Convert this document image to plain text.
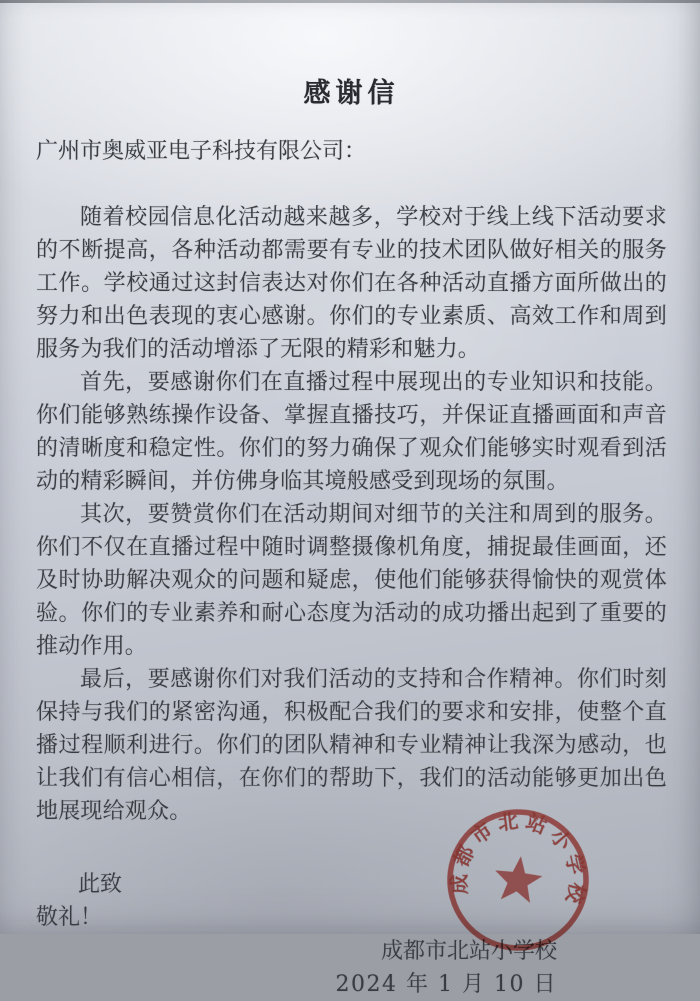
感谢信

广州市奥威亚电子科技有限公司：

随着校园信息化活动越来越多，学校对于线上线下活动要求的不断提高，各种活动都需要有专业的技术团队做好相关的服务工作。学校通过这封信表达对你们在各种活动直播方面所做出的努力和出色表现的衷心感谢。你们的专业素质、高效工作和周到服务为我们的活动增添了无限的精彩和魅力。

首先，要感谢你们在直播过程中展现出的专业知识和技能。你们能够熟练操作设备、掌握直播技巧，并保证直播画面和声音的清晰度和稳定性。你们的努力确保了观众们能够实时观看到活动的精彩瞬间，并仿佛身临其境般感受到现场的氛围。

其次，要赞赏你们在活动期间对细节的关注和周到的服务。你们不仅在直播过程中随时调整摄像机角度，捕捉最佳画面，还及时协助解决观众的问题和疑虑，使他们能够获得愉快的观赏体验。你们的专业素养和耐心态度为活动的成功播出起到了重要的推动作用。

最后，要感谢你们对我们活动的支持和合作精神。你们时刻保持与我们的紧密沟通，积极配合我们的要求和安排，使整个直播过程顺利进行。你们的团队精神和专业精神让我深为感动，也让我们有信心相信，在你们的帮助下，我们的活动能够更加出色地展现给观众。

此致

敬礼！

成都市北站小学校

2024 年 1 月 10 日

成都市北站小学校
